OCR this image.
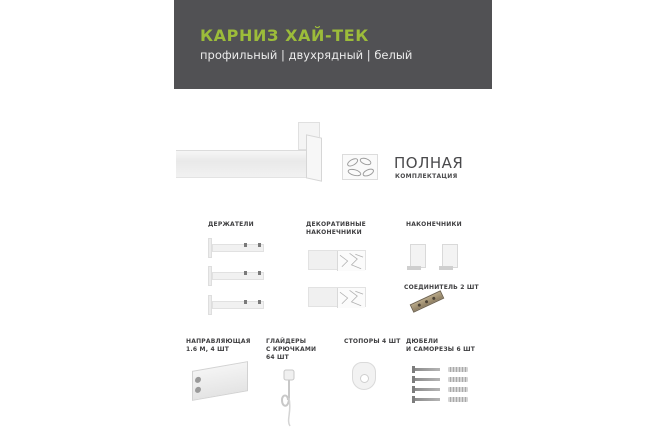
КАРНИЗ ХАЙ-ТЕК
профильный | двухрядный | белый
ПОЛНАЯ
КОМПЛЕКТАЦИЯ
ДЕРЖАТЕЛИ	ДЕКОРАТИВНЫЕ
НАКОНЕЧНИКИ
НАКОНЕЧНИКИ
СОЕДИНИТЕЛЬ 2 ШТ
НАПРАВЛЯЮЩАЯ
1.6 М, 4 ШТ
ГЛАЙДЕРЫ
С КРЮЧКАМИ
64 ШТ
СТОПОРЫ 4 ШТ ДЮБЕЛИ
И САМОРЕЗЫ 6 ШТ
